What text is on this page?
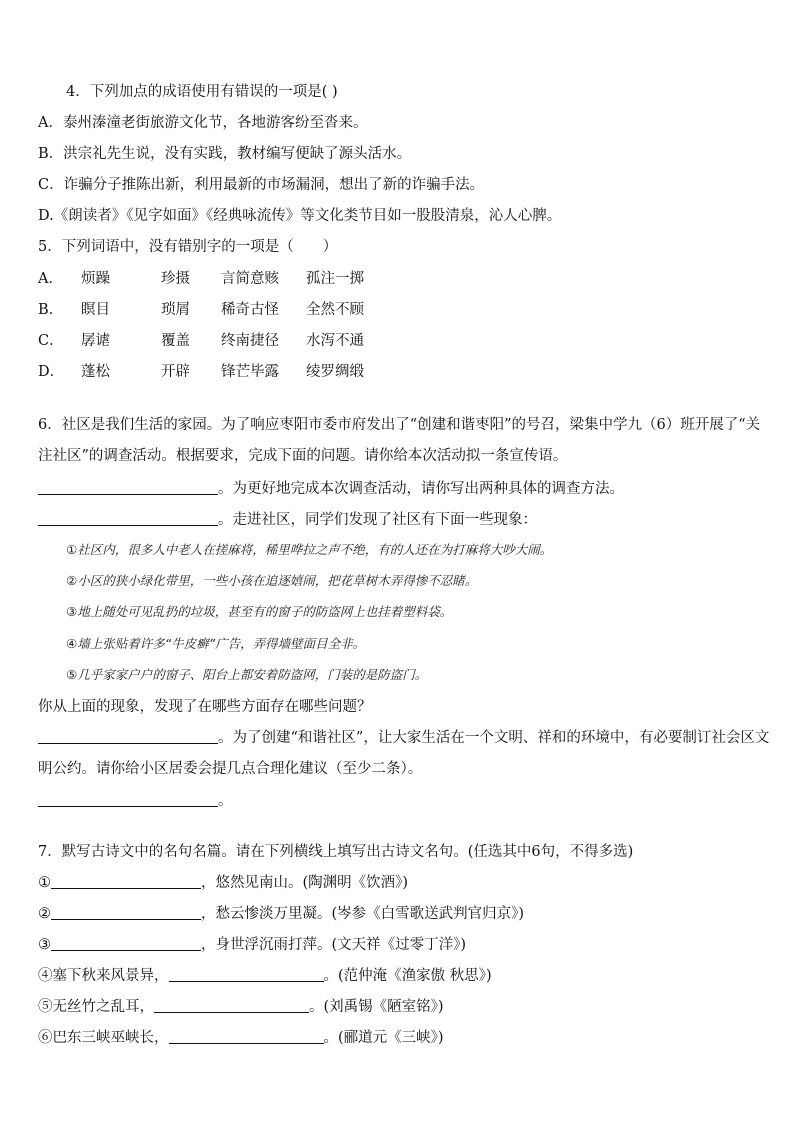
4．下列加点的成语使用有错误的一项是( )
A．泰州溱潼老街旅游文化节，各地游客纷至沓来。
B．洪宗礼先生说，没有实践，教材编写便缺了源头活水。
C．诈骗分子推陈出新，利用最新的市场漏洞，想出了新的诈骗手法。
D.《朗读者》《见字如面》《经典咏流传》等文化类节目如一股股清泉，沁人心脾。
5．下列词语中，没有错别字的一项是（　　）
A． 烦躁	珍摄 言简意赅 孤注一掷
B． 瞑目	琐屑 稀奇古怪 全然不顾
C． 孱谑	覆盖 终南捷径 水泻不通
D． 蓬松	开辟 锋芒毕露 绫罗绸缎
6．社区是我们生活的家园。为了响应枣阳市委市府发出了“创建和谐枣阳”的号召，梁集中学九（6）班开展了“关
注社区”的调查活动。根据要求，完成下面的问题。请你给本次活动拟一条宣传语。
。为更好地完成本次调查活动，请你写出两种具体的调查方法。
。走进社区，同学们发现了社区有下面一些现象：
①社区内，很多人中老人在搓麻将，稀里哗拉之声不绝，有的人还在为打麻将大吵大闹。
②小区的狭小绿化带里，一些小孩在追逐嬉闹，把花草树木弄得惨不忍睹。
③地上随处可见乱扔的垃圾，甚至有的窗子的防盗网上也挂着塑料袋。
④墙上张贴着许多“牛皮癣”广告，弄得墙壁面目全非。
⑤几乎家家户户的窗子、阳台上都安着防盗网，门装的是防盗门。
你从上面的现象，发现了在哪些方面存在哪些问题？
。为了创建“和谐社区”，让大家生活在一个文明、祥和的环境中，有必要制订社会区文
明公约。请你给小区居委会提几点合理化建议（至少二条）。
。
7．默写古诗文中的名句名篇。请在下列横线上填写出古诗文名句。(任选其中6句，不得多选)
①	，悠然见南山。(陶渊明《饮酒》)
②	，愁云惨淡万里凝。(岑参《白雪歌送武判官归京》)
③	，身世浮沉雨打萍。(文天祥《过零丁洋》)
④塞下秋来风景异，	。(范仲淹《渔家傲 秋思》)
⑤无丝竹之乱耳，	。(刘禹锡《陋室铭》)
⑥巴东三峡巫峡长，	。(郦道元《三峡》)
